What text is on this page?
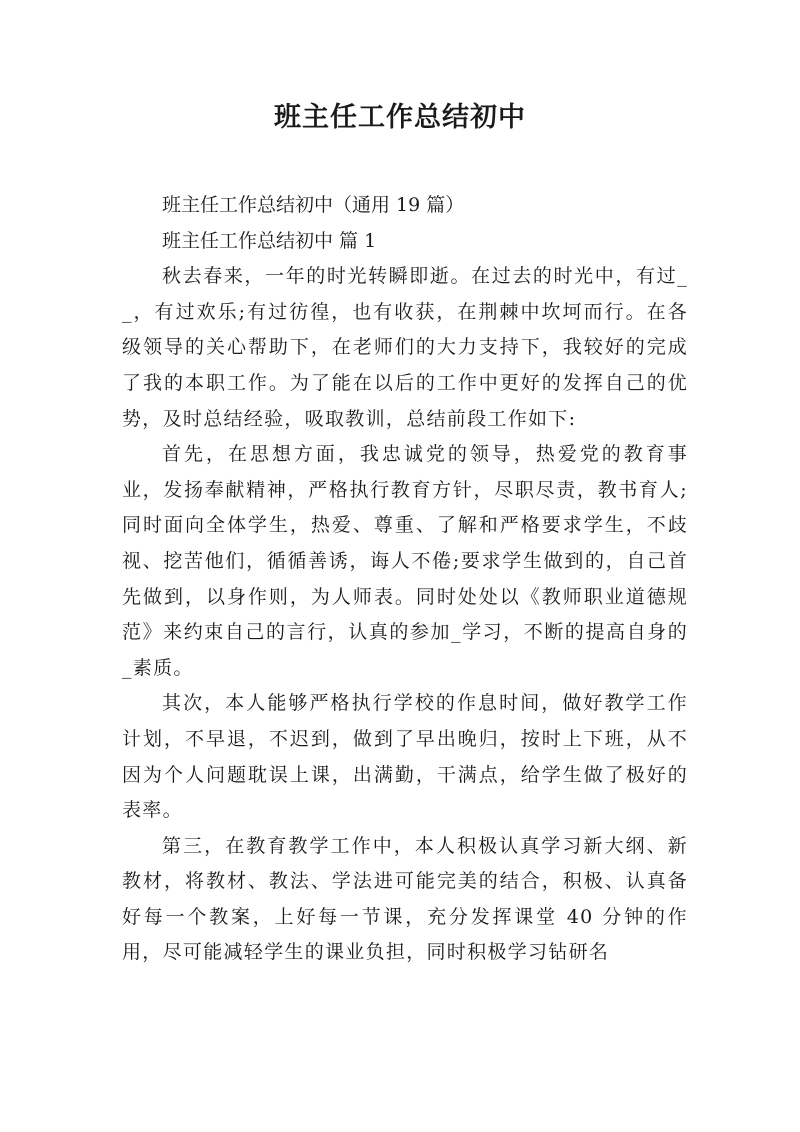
班主任工作总结初中

班主任工作总结初中（通用 19 篇）

班主任工作总结初中 篇 1

秋去春来，一年的时光转瞬即逝。在过去的时光中，有过__，有过欢乐;有过彷徨，也有收获，在荆棘中坎坷而行。在各级领导的关心帮助下，在老师们的大力支持下，我较好的完成了我的本职工作。为了能在以后的工作中更好的发挥自己的优势，及时总结经验，吸取教训，总结前段工作如下:

首先，在思想方面，我忠诚党的领导，热爱党的教育事业，发扬奉献精神，严格执行教育方针，尽职尽责，教书育人;同时面向全体学生，热爱、尊重、了解和严格要求学生，不歧视、挖苦他们，循循善诱，诲人不倦;要求学生做到的，自己首先做到，以身作则，为人师表。同时处处以《教师职业道德规范》来约束自己的言行，认真的参加_学习，不断的提高自身的_素质。

其次，本人能够严格执行学校的作息时间，做好教学工作计划，不早退，不迟到，做到了早出晚归，按时上下班，从不因为个人问题耽误上课，出满勤，干满点，给学生做了极好的表率。

第三，在教育教学工作中，本人积极认真学习新大纲、新教材，将教材、教法、学法进可能完美的结合，积极、认真备好每一个教案，上好每一节课，充分发挥课堂 40 分钟的作用，尽可能减轻学生的课业负担，同时积极学习钻研名
